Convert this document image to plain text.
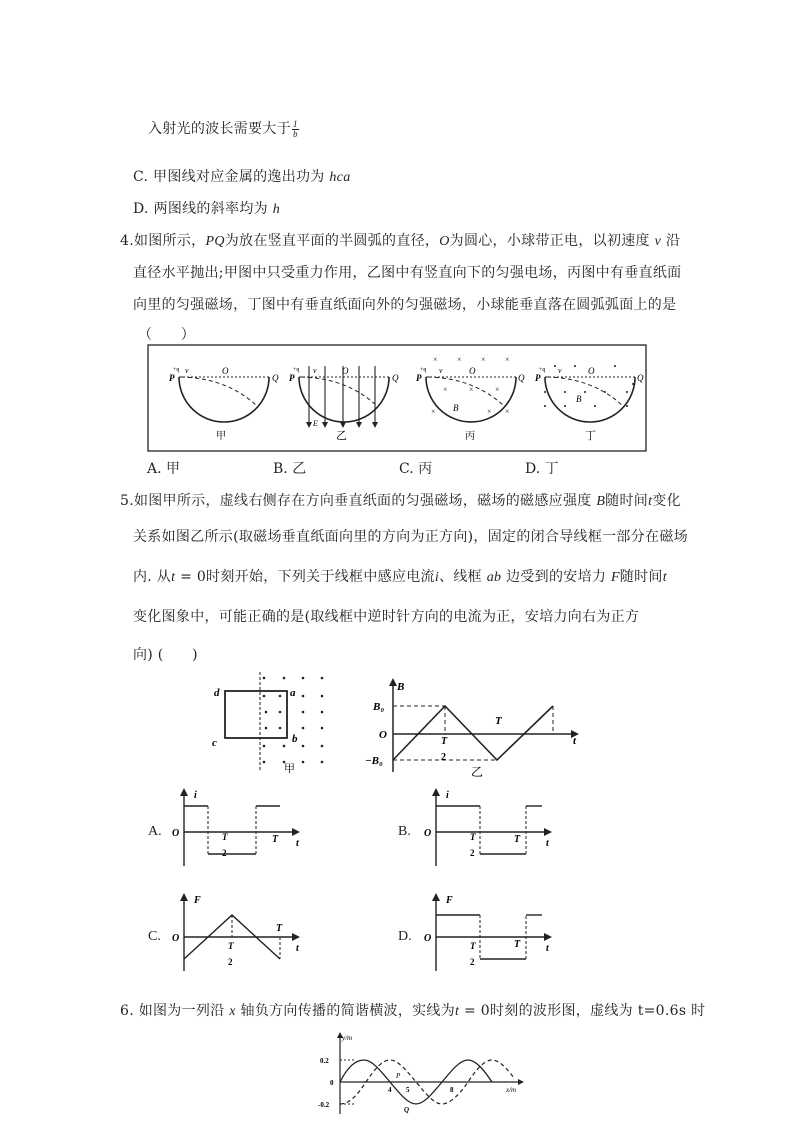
入射光的波长需要大于 $\frac{1}{b}$
C. 甲图线对应金属的逸出功为 hca
D. 两图线的斜率均为 h
4.如图所示，PQ为放在竖直平面的半圆弧的直径，O为圆心，小球带正电，以初速度 v 沿
直径水平抛出;甲图中只受重力作用，乙图中有竖直向下的匀强电场，丙图中有垂直纸面
向里的匀强磁场，丁图中有垂直纸面向外的匀强磁场，小球能垂直落在圆弧弧面上的是
（　　）
P
+q v	O
Q
甲
P
+q v	O
Q
E
乙
× × × ×
×	×	×
×	× ×
P
+q v	O
Q
B
丙
P
+q v	O
Q
B
丁
A. 甲	B. 乙	C. 丙	D. 丁
5.如图甲所示，虚线右侧存在方向垂直纸面的匀强磁场，磁场的磁感应强度 B随时间t变化
关系如图乙所示(取磁场垂直纸面向里的方向为正方向)，固定的闭合导线框一部分在磁场
内. 从t = 0时刻开始，下列关于线框中感应电流i、线框 ab 边受到的安培力 F随时间t
变化图象中，可能正确的是(取线框中逆时针方向的电流为正，安培力向右为正方
向) (　　)
d
c
a
b
甲
B
B₀
O
−B₀
T
2
T
t
乙
A.
i
O	T
2
T t
B.
i
O	T
2
T	t
C.
F
O
T
2
T
t
D.
F
O
T
2
T	t
6. 如图为一列沿 x 轴负方向传播的简谐横波，实线为t = 0时刻的波形图，虚线为 t=0.6s 时
y/m
x/m
0.2
-0.2
0
4 5	8
P
Q
